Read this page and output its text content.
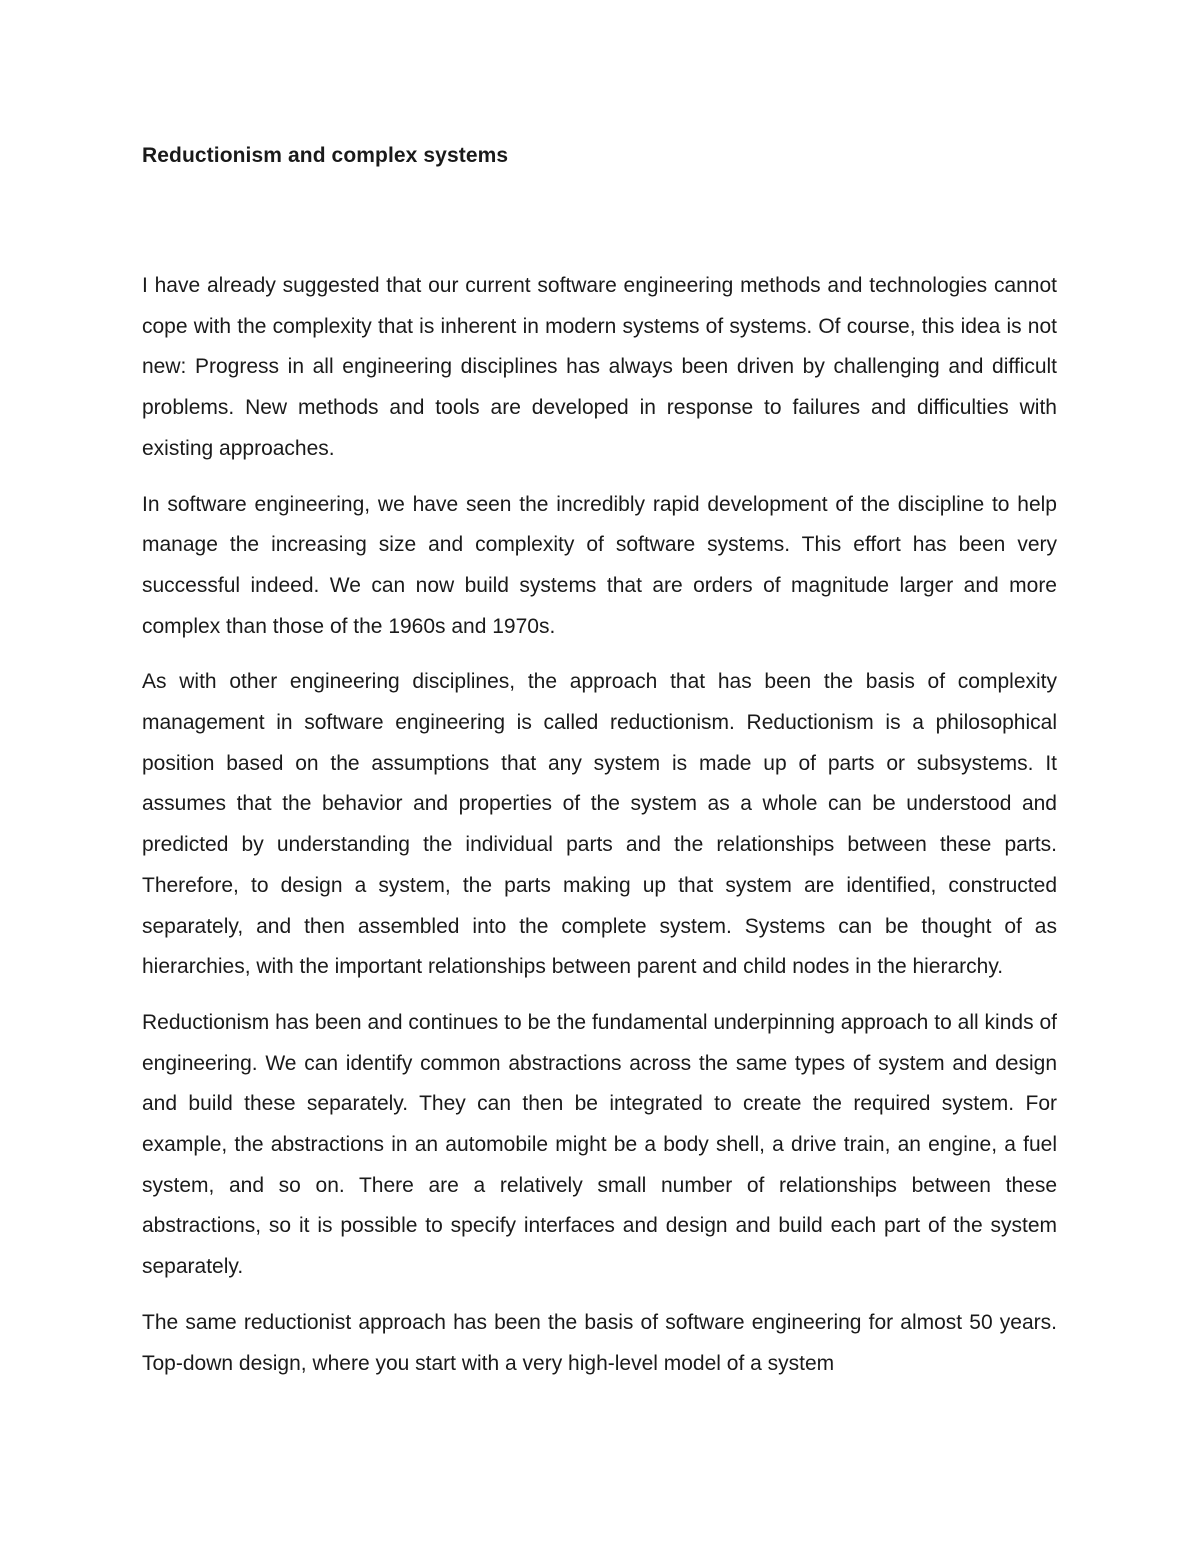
Reductionism and complex systems

I have already suggested that our current software engineering methods and technologies cannot cope with the complexity that is inherent in modern systems of systems. Of course, this idea is not new: Progress in all engineering disciplines has always been driven by challenging and difficult problems. New methods and tools are developed in response to failures and difficulties with existing approaches.

In software engineering, we have seen the incredibly rapid development of the discipline to help manage the increasing size and complexity of software systems. This effort has been very successful indeed. We can now build systems that are orders of magnitude larger and more complex than those of the 1960s and 1970s.

As with other engineering disciplines, the approach that has been the basis of complexity management in software engineering is called reductionism. Reductionism is a philosophical position based on the assumptions that any system is made up of parts or subsystems. It assumes that the behavior and properties of the system as a whole can be understood and predicted by understanding the individual parts and the relationships between these parts. Therefore, to design a system, the parts making up that system are identified, constructed separately, and then assembled into the complete system. Systems can be thought of as hierarchies, with the important relationships between parent and child nodes in the hierarchy.

Reductionism has been and continues to be the fundamental underpinning approach to all kinds of engineering. We can identify common abstractions across the same types of system and design and build these separately. They can then be integrated to create the required system. For example, the abstractions in an automobile might be a body shell, a drive train, an engine, a fuel system, and so on. There are a relatively small number of relationships between these abstractions, so it is possible to specify interfaces and design and build each part of the system separately.

The same reductionist approach has been the basis of software engineering for almost 50 years. Top-down design, where you start with a very high-level model of a system
